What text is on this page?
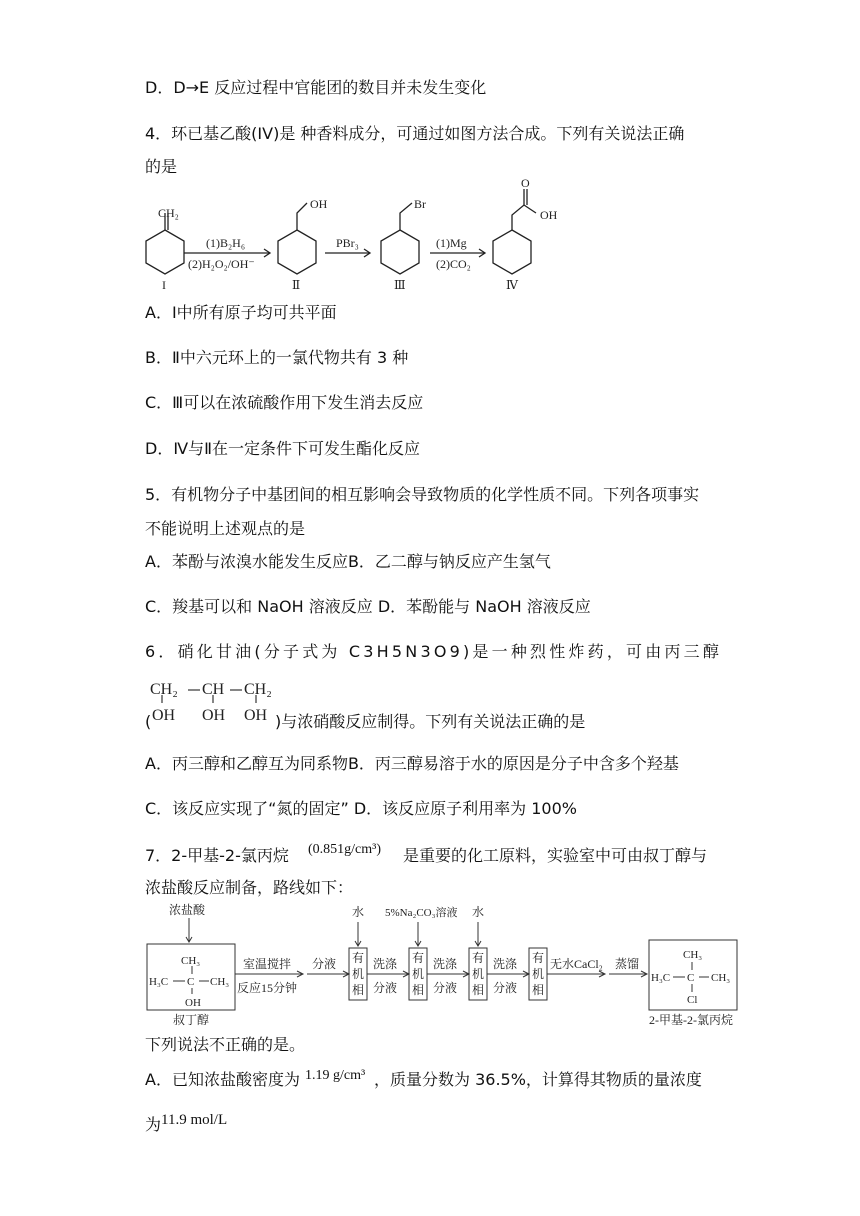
D．D→E 反应过程中官能团的数目并未发生变化
4．环已基乙酸(IV)是 种香料成分，可通过如图方法合成。下列有关说法正确
的是
CH₂
(1)B₂H₆
(2)H₂O₂/OH⁻
OH
PBr₃
Br
(1)Mg
(2)CO₂
O
OH
I	Ⅱ	Ⅲ	Ⅳ
A．Ⅰ中所有原子均可共平面
B．Ⅱ中六元环上的一氯代物共有 3 种
C．Ⅲ可以在浓硫酸作用下发生消去反应
D．Ⅳ与Ⅱ在一定条件下可发生酯化反应
5．有机物分子中基团间的相互影响会导致物质的化学性质不同。下列各项事实
不能说明上述观点的是
A．苯酚与浓溴水能发生反应B．乙二醇与钠反应产生氢气
C．羧基可以和 NaOH 溶液反应 D．苯酚能与 NaOH 溶液反应
6．硝化甘油(分子式为 C3H5N3O9)是一种烈性炸药，可由丙三醇
CH₂ CH CH₂
OH OH OH
(	)与浓硝酸反应制得。下列有关说法正确的是
A．丙三醇和乙醇互为同系物B．丙三醇易溶于水的原因是分子中含多个羟基
C．该反应实现了“氮的固定” D．该反应原子利用率为 100%
7．2-甲基-2-氯丙烷 (0.851g/cm³) 是重要的化工原料，实验室中可由叔丁醇与
浓盐酸反应制备，路线如下：
浓盐酸
CH₃
H₃C C CH₃
OH
室温搅拌
反应15分钟
分液
水 5%Na₂CO₃溶液 水
有
机
相
有
机
相
有
机
相
有
机
相
洗涤
分液
洗涤
分液
洗涤
分液
无水CaCl₂ 蒸馏
CH₃
H₃C C CH₃
Cl
叔丁醇	2-甲基-2-氯丙烷
下列说法不正确的是。
A．已知浓盐酸密度为 1.19 g/cm³ ，质量分数为 36.5%，计算得其物质的量浓度
为 11.9 mol/L
